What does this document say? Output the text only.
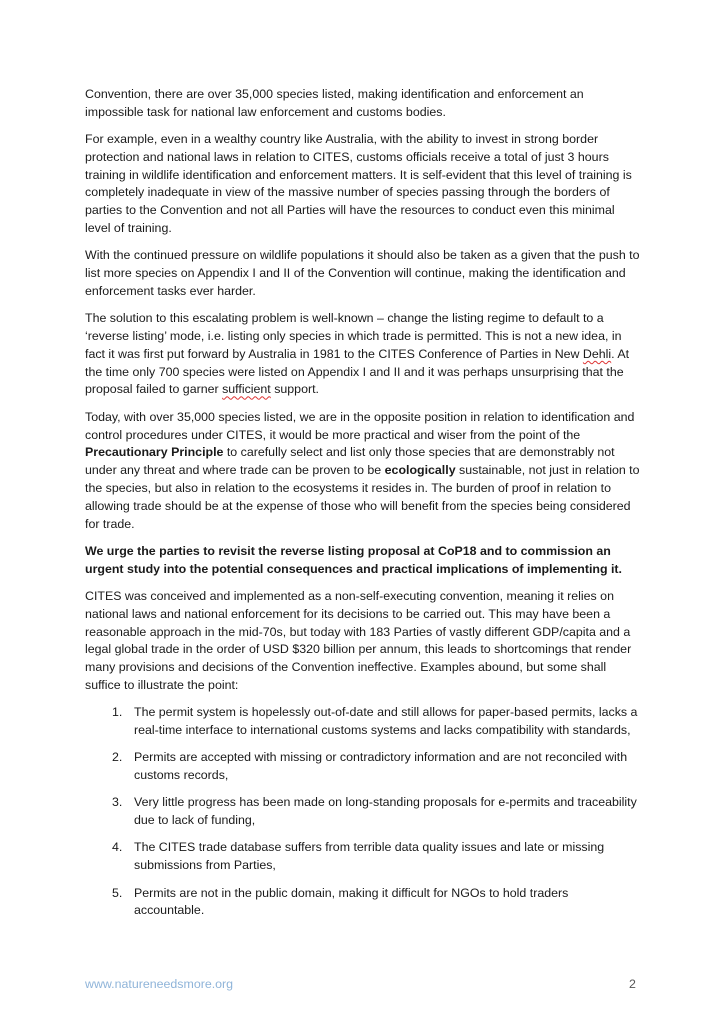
Convention, there are over 35,000 species listed, making identification and enforcement an impossible task for national law enforcement and customs bodies.

For example, even in a wealthy country like Australia, with the ability to invest in strong border protection and national laws in relation to CITES, customs officials receive a total of just 3 hours training in wildlife identification and enforcement matters. It is self-evident that this level of training is completely inadequate in view of the massive number of species passing through the borders of parties to the Convention and not all Parties will have the resources to conduct even this minimal level of training.

With the continued pressure on wildlife populations it should also be taken as a given that the push to list more species on Appendix I and II of the Convention will continue, making the identification and enforcement tasks ever harder.

The solution to this escalating problem is well-known – change the listing regime to default to a ‘reverse listing’ mode, i.e. listing only species in which trade is permitted. This is not a new idea, in fact it was first put forward by Australia in 1981 to the CITES Conference of Parties in New Dehli. At the time only 700 species were listed on Appendix I and II and it was perhaps unsurprising that the proposal failed to garner sufficient support.

Today, with over 35,000 species listed, we are in the opposite position in relation to identification and control procedures under CITES, it would be more practical and wiser from the point of the Precautionary Principle to carefully select and list only those species that are demonstrably not under any threat and where trade can be proven to be ecologically sustainable, not just in relation to the species, but also in relation to the ecosystems it resides in. The burden of proof in relation to allowing trade should be at the expense of those who will benefit from the species being considered for trade.

We urge the parties to revisit the reverse listing proposal at CoP18 and to commission an urgent study into the potential consequences and practical implications of implementing it.

CITES was conceived and implemented as a non-self-executing convention, meaning it relies on national laws and national enforcement for its decisions to be carried out. This may have been a reasonable approach in the mid-70s, but today with 183 Parties of vastly different GDP/capita and a legal global trade in the order of USD $320 billion per annum, this leads to shortcomings that render many provisions and decisions of the Convention ineffective. Examples abound, but some shall suffice to illustrate the point:

1. The permit system is hopelessly out-of-date and still allows for paper-based permits, lacks a real-time interface to international customs systems and lacks compatibility with standards,
2. Permits are accepted with missing or contradictory information and are not reconciled with customs records,
3. Very little progress has been made on long-standing proposals for e-permits and traceability due to lack of funding,
4. The CITES trade database suffers from terrible data quality issues and late or missing submissions from Parties,
5. Permits are not in the public domain, making it difficult for NGOs to hold traders accountable.
www.natureneedsmore.org	2
